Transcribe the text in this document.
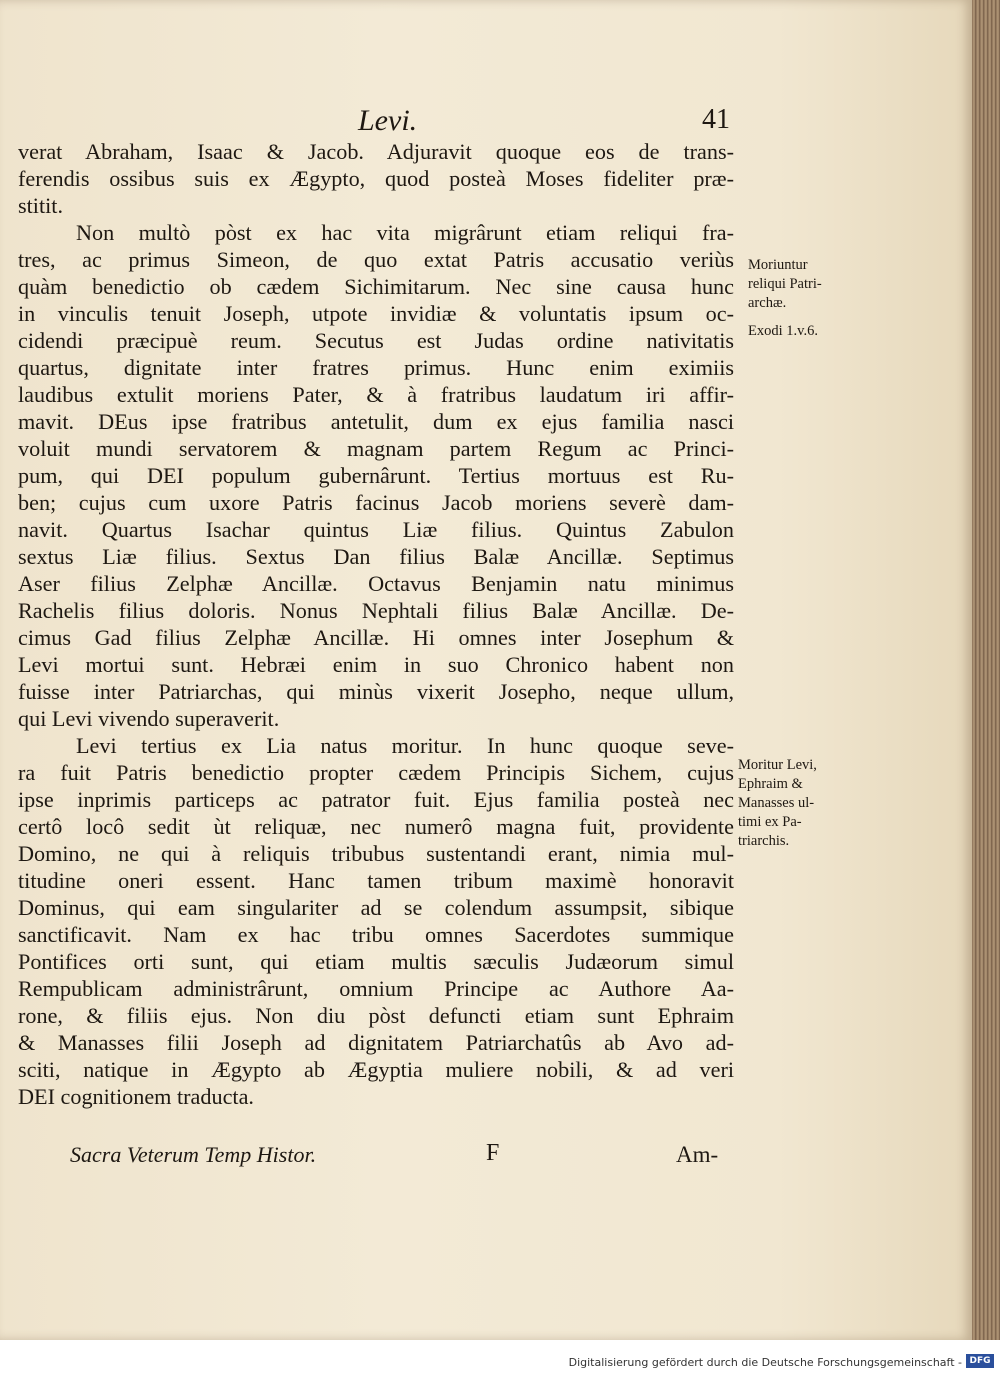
Levi.	41
verat Abraham, Isaac & Jacob. Adjuravit quoque eos de trans-
ferendis ossibus suis ex Ægypto, quod posteà Moses fideliter præ-
stitit.
Non multò pòst ex hac vita migrârunt etiam reliqui fra-
tres, ac primus Simeon, de quo extat Patris accusatio veriùs
quàm benedictio ob cædem Sichimitarum. Nec sine causa hunc
in vinculis tenuit Joseph, utpote invidiæ & voluntatis ipsum oc-
cidendi præcipuè reum. Secutus est Judas ordine nativitatis
quartus, dignitate inter fratres primus. Hunc enim eximiis
laudibus extulit moriens Pater, & à fratribus laudatum iri affir-
mavit. DEus ipse fratribus antetulit, dum ex ejus familia nasci
voluit mundi servatorem & magnam partem Regum ac Princi-
pum, qui DEI populum gubernârunt. Tertius mortuus est Ru-
ben; cujus cum uxore Patris facinus Jacob moriens severè dam-
navit. Quartus Isachar quintus Liæ filius. Quintus Zabulon
sextus Liæ filius. Sextus Dan filius Balæ Ancillæ. Septimus
Aser filius Zelphæ Ancillæ. Octavus Benjamin natu minimus
Rachelis filius doloris. Nonus Nephtali filius Balæ Ancillæ. De-
cimus Gad filius Zelphæ Ancillæ. Hi omnes inter Josephum &
Levi mortui sunt. Hebræi enim in suo Chronico habent non
fuisse inter Patriarchas, qui minùs vixerit Josepho, neque ullum,
qui Levi vivendo superaverit.
Levi tertius ex Lia natus moritur. In hunc quoque seve-
ra fuit Patris benedictio propter cædem Principis Sichem, cujus
ipse inprimis particeps ac patrator fuit. Ejus familia posteà nec
certô locô sedit ùt reliquæ, nec numerô magna fuit, providente
Domino, ne qui à reliquis tribubus sustentandi erant, nimia mul-
titudine oneri essent. Hanc tamen tribum maximè honoravit
Dominus, qui eam singulariter ad se colendum assumpsit, sibique
sanctificavit. Nam ex hac tribu omnes Sacerdotes summique
Pontifices orti sunt, qui etiam multis sæculis Judæorum simul
Rempublicam administrârunt, omnium Principe ac Authore Aa-
rone, & filiis ejus. Non diu pòst defuncti etiam sunt Ephraim
& Manasses filii Joseph ad dignitatem Patriarchatûs ab Avo ad-
sciti, natique in Ægypto ab Ægyptia muliere nobili, & ad veri
DEI cognitionem traducta.
Moriuntur
reliqui Patri-
archæ.
Exodi 1.v.6.
Moritur Levi,
Ephraim &
Manasses ul-
timi ex Pa-
triarchis.
Sacra Veterum Temp Histor.	F	Am-
Digitalisierung gefördert durch die Deutsche Forschungsgemeinschaft - DFG
